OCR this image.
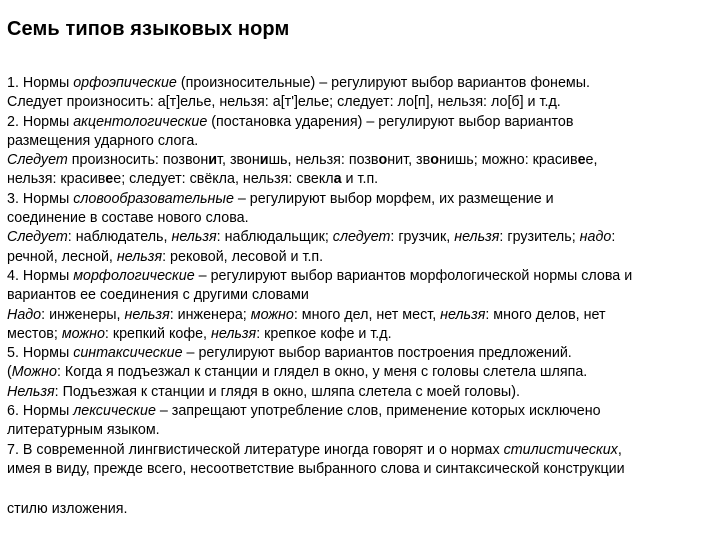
Семь типов языковых норм
1. Нормы орфоэпические (произносительные) – регулируют выбор вариантов фонемы.
Следует произносить: а[т]елье, нельзя: а[т']елье; следует: ло[п], нельзя: ло[б] и т.д.
2. Нормы акцентологические (постановка ударения) – регулируют выбор вариантов
размещения ударного слога.
Следует произносить: позвонит, звонишь, нельзя: позвонит, звонишь; можно: красивее,
нельзя: красивее; следует: свёкла, нельзя: свекла и т.п.
3. Нормы словообразовательные – регулируют выбор морфем, их размещение и
соединение в составе нового слова.
Следует: наблюдатель, нельзя: наблюдальщик; следует: грузчик, нельзя: грузитель; надо:
речной, лесной, нельзя: рековой, лесовой и т.п.
4. Нормы морфологические – регулируют выбор вариантов морфологической нормы слова и
вариантов ее соединения с другими словами
Надо: инженеры, нельзя: инженера; можно: много дел, нет мест, нельзя: много делов, нет
местов; можно: крепкий кофе, нельзя: крепкое кофе и т.д.
5. Нормы синтаксические – регулируют выбор вариантов построения предложений.
(Можно: Когда я подъезжал к станции и глядел в окно, у меня с головы слетела шляпа.
Нельзя: Подъезжая к станции и глядя в окно, шляпа слетела с моей головы).
6. Нормы лексические – запрещают употребление слов, применение которых исключено
литературным языком.
7. В современной лингвистической литературе иногда говорят и о нормах стилистических,
имея в виду, прежде всего, несоответствие выбранного слова и синтаксической конструкции
стилю изложения.
